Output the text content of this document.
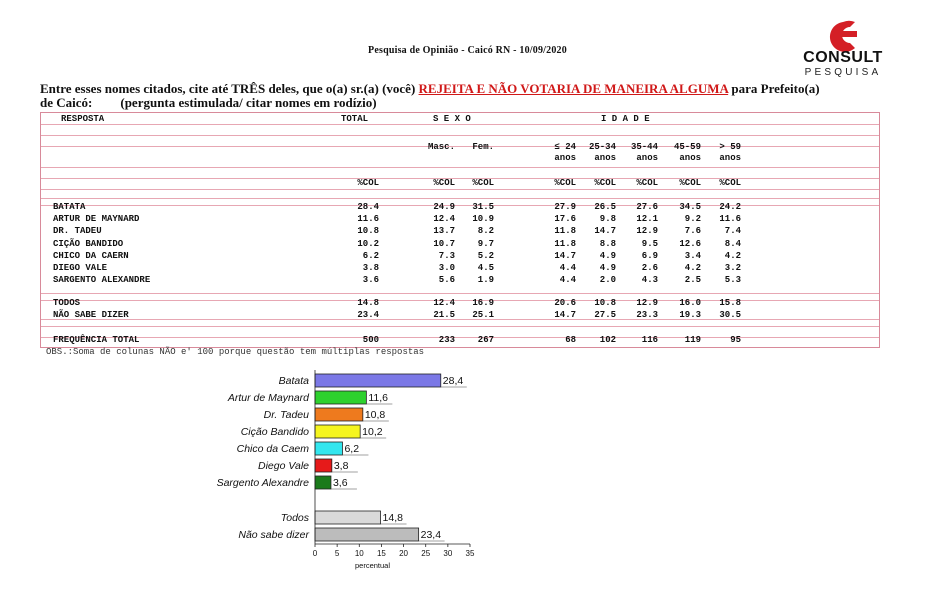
Pesquisa de Opinião - Caicó RN - 10/09/2020	CONSULT
PESQUISA
Entre esses nomes citados, cite até TRÊS deles, que o(a) sr.(a) (você) REJEITA E NÃO VOTARIA DE MANEIRA ALGUMA para Prefeito(a)
de Caicó: (pergunta estimulada/ citar nomes em rodízio)
RESPOSTA	TOTAL	S E X O	I D A D E
Masc.	Fem.	≤ 24
anos
25-34
anos
35-44
anos
45-59
anos
> 59
anos
%COL	%COL	%COL	%COL	%COL	%COL	%COL	%COL
BATATA	28.4	24.9	31.5	27.9	26.5	27.6	34.5	24.2
ARTUR DE MAYNARD	11.6	12.4	10.9	17.6	9.8	12.1	9.2	11.6
DR. TADEU	10.8	13.7	8.2	11.8	14.7	12.9	7.6	7.4
CIÇÃO BANDIDO	10.2	10.7	9.7	11.8	8.8	9.5	12.6	8.4
CHICO DA CAERN	6.2	7.3	5.2	14.7	4.9	6.9	3.4	4.2
DIEGO VALE	3.8	3.0	4.5	4.4	4.9	2.6	4.2	3.2
SARGENTO ALEXANDRE	3.6	5.6	1.9	4.4	2.0	4.3	2.5	5.3
TODOS	14.8	12.4	16.9	20.6	10.8	12.9	16.0	15.8
NÃO SABE DIZER	23.4	21.5	25.1	14.7	27.5	23.3	19.3	30.5
FREQUÊNCIA TOTAL	500	233	267	68	102	116	119	95
OBS.:Soma de colunas NÃO e' 100 porque questão tem múltiplas respostas
Batata	28,4
Artur de Maynard	11,6
Dr. Tadeu	10,8
Cição Bandido	10,2
Chico da Caem	6,2
Diego Vale 3,8
Sargento Alexandre 3,6
Todos	14,8
Não sabe dizer	23,4
0 5 10 15 20 25 30 35
percentual
